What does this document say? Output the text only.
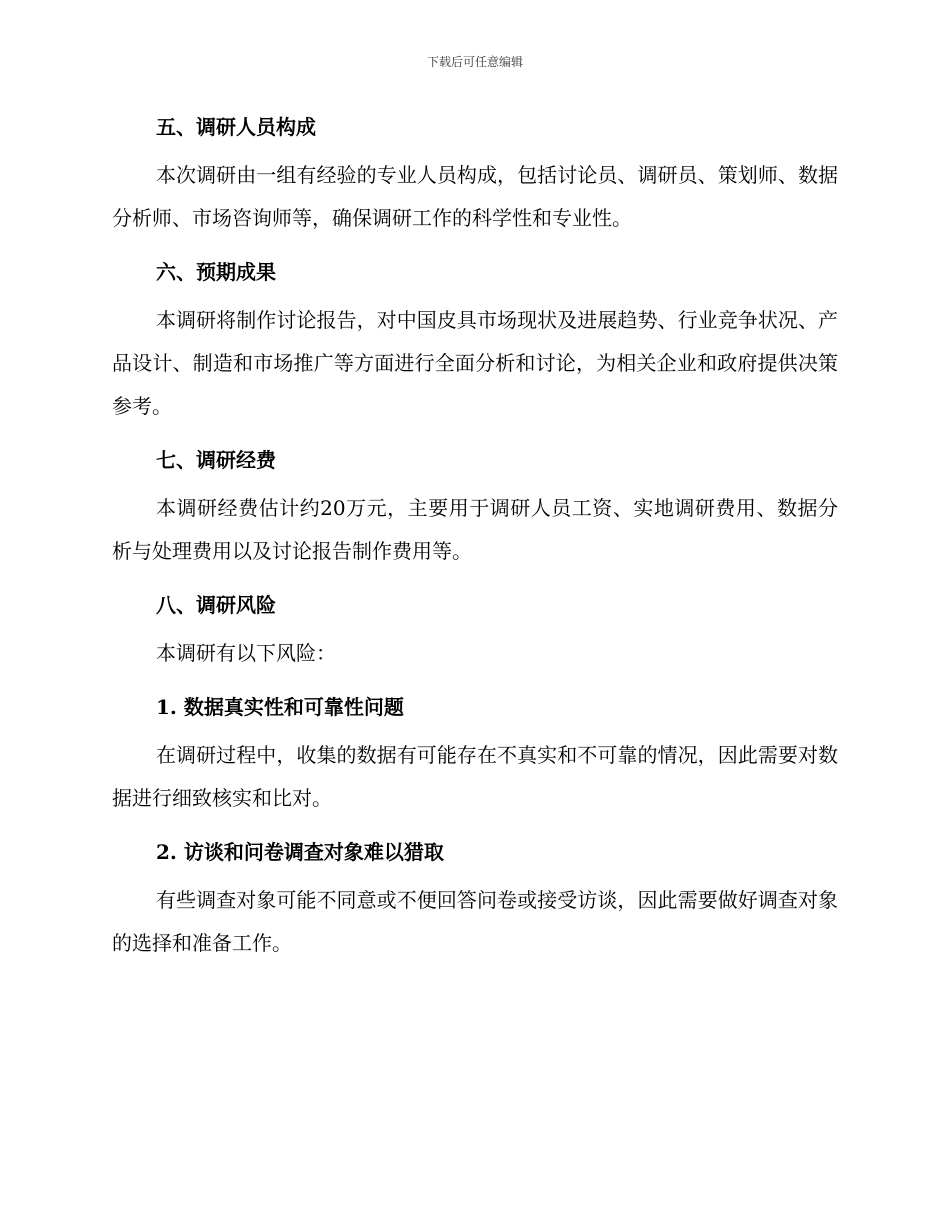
下载后可任意编辑
五、调研人员构成

本次调研由一组有经验的专业人员构成，包括讨论员、调研员、策划师、数据分析师、市场咨询师等，确保调研工作的科学性和专业性。

六、预期成果

本调研将制作讨论报告，对中国皮具市场现状及进展趋势、行业竞争状况、产品设计、制造和市场推广等方面进行全面分析和讨论，为相关企业和政府提供决策参考。

七、调研经费

本调研经费估计约20万元，主要用于调研人员工资、实地调研费用、数据分析与处理费用以及讨论报告制作费用等。

八、调研风险

本调研有以下风险：

1. 数据真实性和可靠性问题

在调研过程中，收集的数据有可能存在不真实和不可靠的情况，因此需要对数据进行细致核实和比对。

2. 访谈和问卷调查对象难以猎取

有些调查对象可能不同意或不便回答问卷或接受访谈，因此需要做好调查对象的选择和准备工作。
